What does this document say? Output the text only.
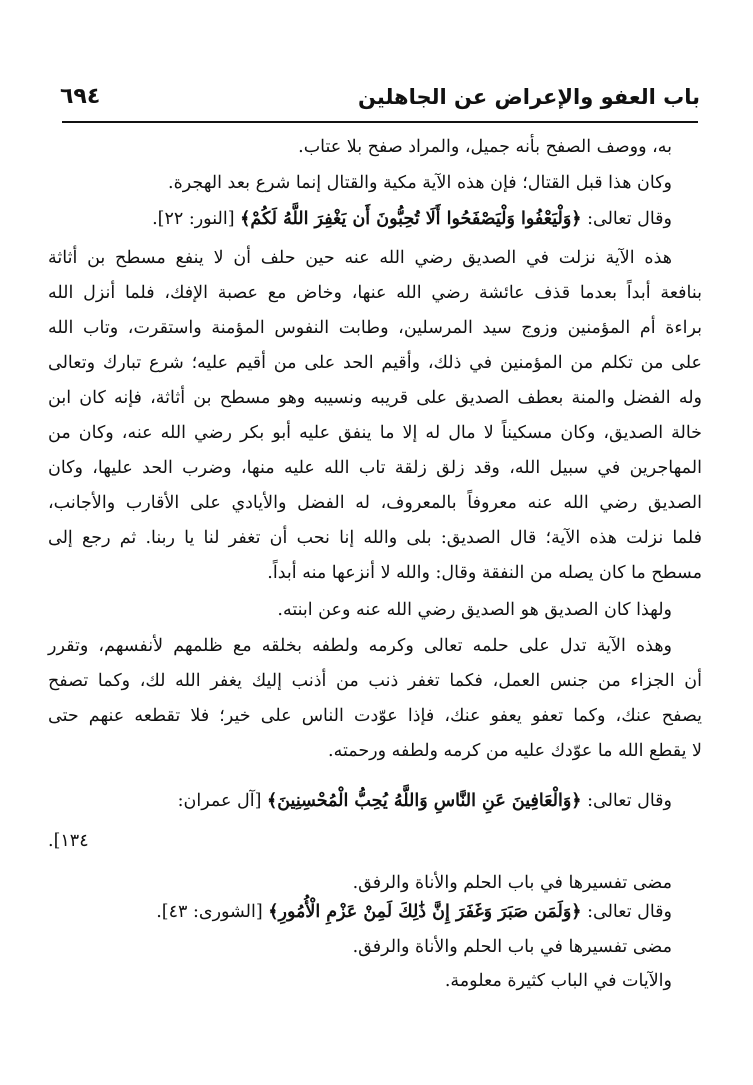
باب العفو والإعراض عن الجاهلين
٦٩٤
به، ووصف الصفح بأنه جميل، والمراد صفح بلا عتاب.
وكان هذا قبل القتال؛ فإن هذه الآية مكية والقتال إنما شرع بعد الهجرة.
وقال تعالى: ﴿وَلْيَعْفُوا وَلْيَصْفَحُوا أَلَا تُحِبُّونَ أَن يَغْفِرَ اللَّهُ لَكُمْ﴾ [النور: ٢٢].
هذه الآية نزلت في الصديق رضي الله عنه حين حلف أن لا ينفع مسطح بن أثاثة
بنافعة أبداً بعدما قذف عائشة رضي الله عنها، وخاض مع عصبة الإفك، فلما أنزل الله
براءة أم المؤمنين وزوج سيد المرسلين، وطابت النفوس المؤمنة واستقرت، وتاب الله
على من تكلم من المؤمنين في ذلك، وأقيم الحد على من أقيم عليه؛ شرع تبارك وتعالى
وله الفضل والمنة بعطف الصديق على قريبه ونسيبه وهو مسطح بن أثاثة، فإنه كان ابن
خالة الصديق، وكان مسكيناً لا مال له إلا ما ينفق عليه أبو بكر رضي الله عنه، وكان من
المهاجرين في سبيل الله، وقد زلق زلقة تاب الله عليه منها، وضرب الحد عليها، وكان
الصديق رضي الله عنه معروفاً بالمعروف، له الفضل والأيادي على الأقارب والأجانب،
فلما نزلت هذه الآية؛ قال الصديق: بلى والله إنا نحب أن تغفر لنا يا ربنا. ثم رجع إلى
مسطح ما كان يصله من النفقة وقال: والله لا أنزعها منه أبداً.
ولهذا كان الصديق هو الصديق رضي الله عنه وعن ابنته.
وهذه الآية تدل على حلمه تعالى وكرمه ولطفه بخلقه مع ظلمهم لأنفسهم، وتقرر
أن الجزاء من جنس العمل، فكما تغفر ذنب من أذنب إليك يغفر الله لك، وكما تصفح
يصفح عنك، وكما تعفو يعفو عنك، فإذا عوّدت الناس على خير؛ فلا تقطعه عنهم حتى
لا يقطع الله ما عوّدك عليه من كرمه ولطفه ورحمته.
وقال تعالى: ﴿وَالْعَافِينَ عَنِ النَّاسِ وَاللَّهُ يُحِبُّ الْمُحْسِنِينَ﴾ [آل عمران:
١٣٤].
مضى تفسيرها في باب الحلم والأناة والرفق.
وقال تعالى: ﴿وَلَمَن صَبَرَ وَغَفَرَ إِنَّ ذَٰلِكَ لَمِنْ عَزْمِ الْأُمُورِ﴾ [الشورى: ٤٣].
مضى تفسيرها في باب الحلم والأناة والرفق.
والآيات في الباب كثيرة معلومة.
